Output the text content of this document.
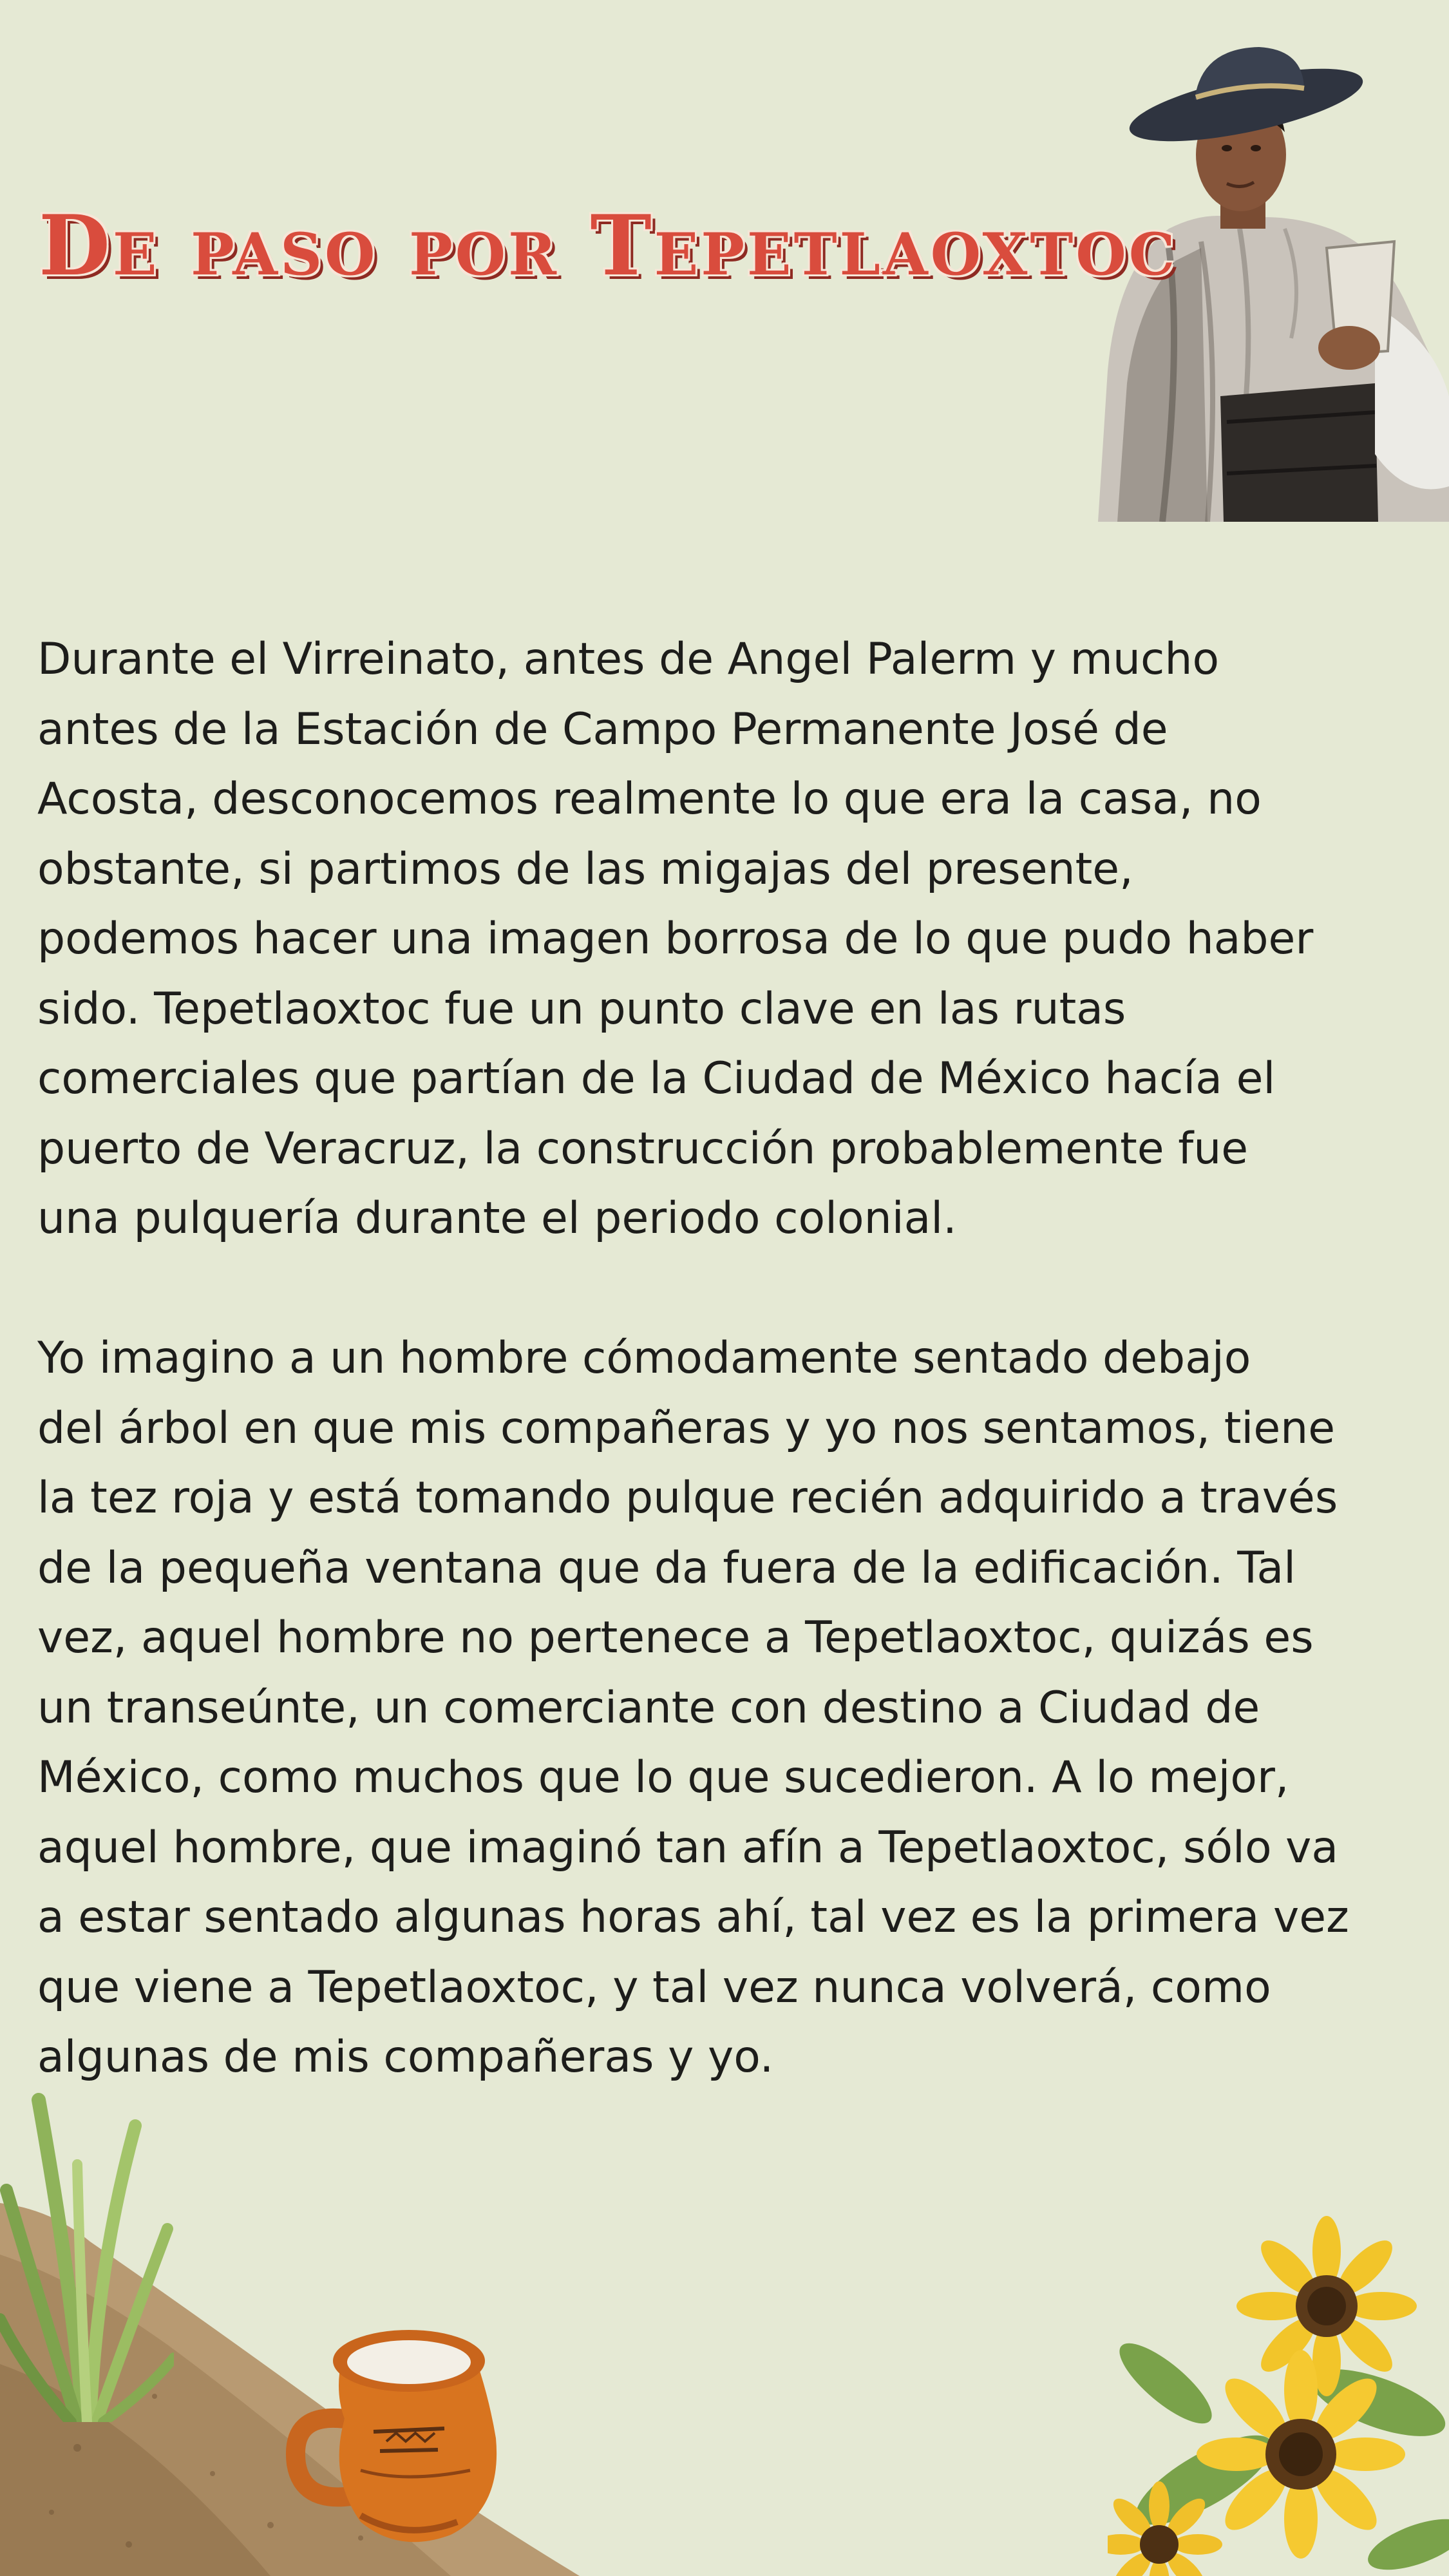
De paso por Tepetlaoxtoc

Durante el Virreinato, antes de Angel Palerm y mucho
antes de la Estación de Campo Permanente José de
Acosta, desconocemos realmente lo que era la casa, no
obstante, si partimos de las migajas del presente,
podemos hacer una imagen borrosa de lo que pudo haber
sido. Tepetlaoxtoc fue un punto clave en las rutas
comerciales que partían de la Ciudad de México hacía el
puerto de Veracruz, la construcción probablemente fue
una pulquería durante el periodo colonial.

Yo imagino a un hombre cómodamente sentado debajo
del árbol en que mis compañeras y yo nos sentamos, tiene
la tez roja y está tomando pulque recién adquirido a través
de la pequeña ventana que da fuera de la edificación. Tal
vez, aquel hombre no pertenece a Tepetlaoxtoc, quizás es
un transeúnte, un comerciante con destino a Ciudad de
México, como muchos que lo que sucedieron. A lo mejor,
aquel hombre, que imaginó tan afín a Tepetlaoxtoc, sólo va
a estar sentado algunas horas ahí, tal vez es la primera vez
que viene a Tepetlaoxtoc, y tal vez nunca volverá, como
algunas de mis compañeras y yo.
